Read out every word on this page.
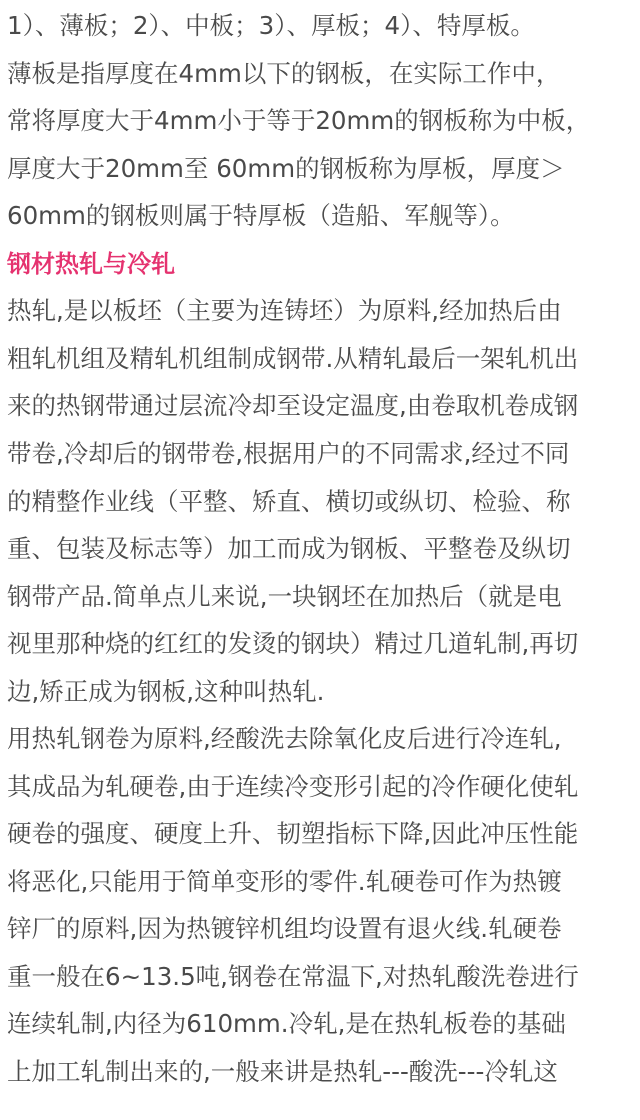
1）、薄板；2）、中板；3）、厚板；4）、特厚板。
薄板是指厚度在4mm以下的钢板，在实际工作中，
常将厚度大于4mm小于等于20mm的钢板称为中板，
厚度大于20mm至 60mm的钢板称为厚板，厚度＞
60mm的钢板则属于特厚板（造船、军舰等）。
钢材热轧与冷轧
热轧,是以板坯（主要为连铸坯）为原料,经加热后由
粗轧机组及精轧机组制成钢带.从精轧最后一架轧机出
来的热钢带通过层流冷却至设定温度,由卷取机卷成钢
带卷,冷却后的钢带卷,根据用户的不同需求,经过不同
的精整作业线（平整、矫直、横切或纵切、检验、称
重、包装及标志等）加工而成为钢板、平整卷及纵切
钢带产品.简单点儿来说,一块钢坯在加热后（就是电
视里那种烧的红红的发烫的钢块）精过几道轧制,再切
边,矫正成为钢板,这种叫热轧.
用热轧钢卷为原料,经酸洗去除氧化皮后进行冷连轧,
其成品为轧硬卷,由于连续冷变形引起的冷作硬化使轧
硬卷的强度、硬度上升、韧塑指标下降,因此冲压性能
将恶化,只能用于简单变形的零件.轧硬卷可作为热镀
锌厂的原料,因为热镀锌机组均设置有退火线.轧硬卷
重一般在6~13.5吨,钢卷在常温下,对热轧酸洗卷进行
连续轧制,内径为610mm.冷轧,是在热轧板卷的基础
上加工轧制出来的,一般来讲是热轧---酸洗---冷轧这
